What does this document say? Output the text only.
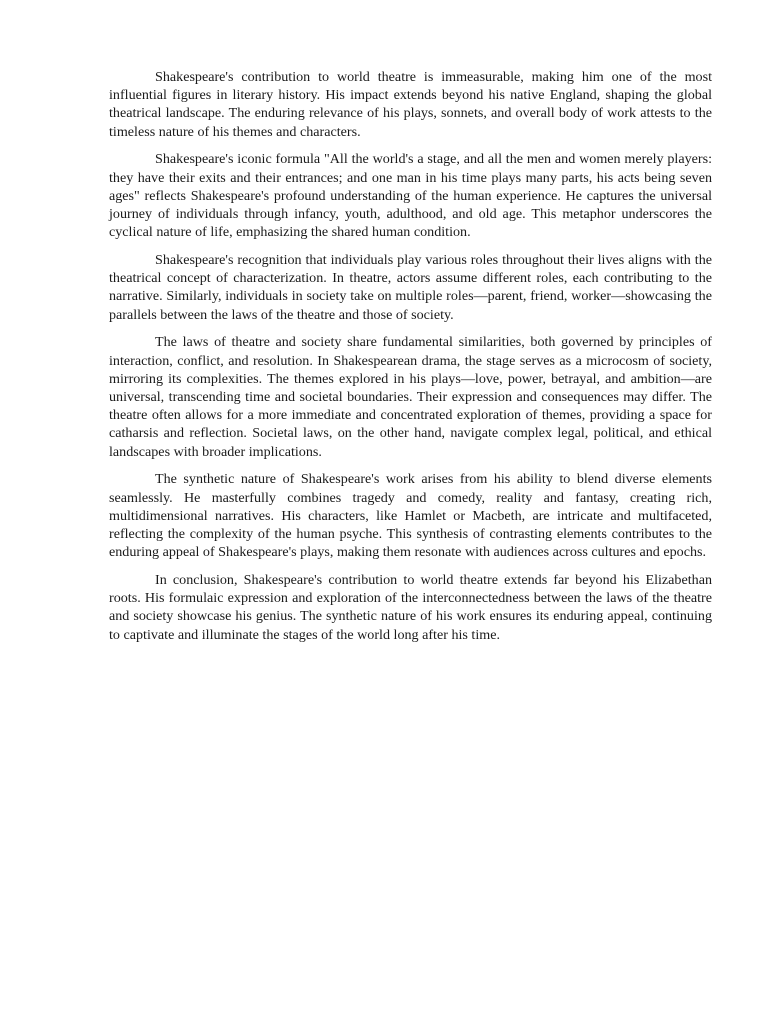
Shakespeare's contribution to world theatre is immeasurable, making him one of the most influential figures in literary history. His impact extends beyond his native England, shaping the global theatrical landscape. The enduring relevance of his plays, sonnets, and overall body of work attests to the timeless nature of his themes and characters.

Shakespeare's iconic formula "All the world's a stage, and all the men and women merely players: they have their exits and their entrances; and one man in his time plays many parts, his acts being seven ages" reflects Shakespeare's profound understanding of the human experience. He captures the universal journey of individuals through infancy, youth, adulthood, and old age. This metaphor underscores the cyclical nature of life, emphasizing the shared human condition.

Shakespeare's recognition that individuals play various roles throughout their lives aligns with the theatrical concept of characterization. In theatre, actors assume different roles, each contributing to the narrative. Similarly, individuals in society take on multiple roles—parent, friend, worker—showcasing the parallels between the laws of the theatre and those of society.

The laws of theatre and society share fundamental similarities, both governed by principles of interaction, conflict, and resolution. In Shakespearean drama, the stage serves as a microcosm of society, mirroring its complexities. The themes explored in his plays—love, power, betrayal, and ambition—are universal, transcending time and societal boundaries. Their expression and consequences may differ. The theatre often allows for a more immediate and concentrated exploration of themes, providing a space for catharsis and reflection. Societal laws, on the other hand, navigate complex legal, political, and ethical landscapes with broader implications.

The synthetic nature of Shakespeare's work arises from his ability to blend diverse elements seamlessly. He masterfully combines tragedy and comedy, reality and fantasy, creating rich, multidimensional narratives. His characters, like Hamlet or Macbeth, are intricate and multifaceted, reflecting the complexity of the human psyche. This synthesis of contrasting elements contributes to the enduring appeal of Shakespeare's plays, making them resonate with audiences across cultures and epochs.

In conclusion, Shakespeare's contribution to world theatre extends far beyond his Elizabethan roots. His formulaic expression and exploration of the interconnectedness between the laws of the theatre and society showcase his genius. The synthetic nature of his work ensures its enduring appeal, continuing to captivate and illuminate the stages of the world long after his time.
